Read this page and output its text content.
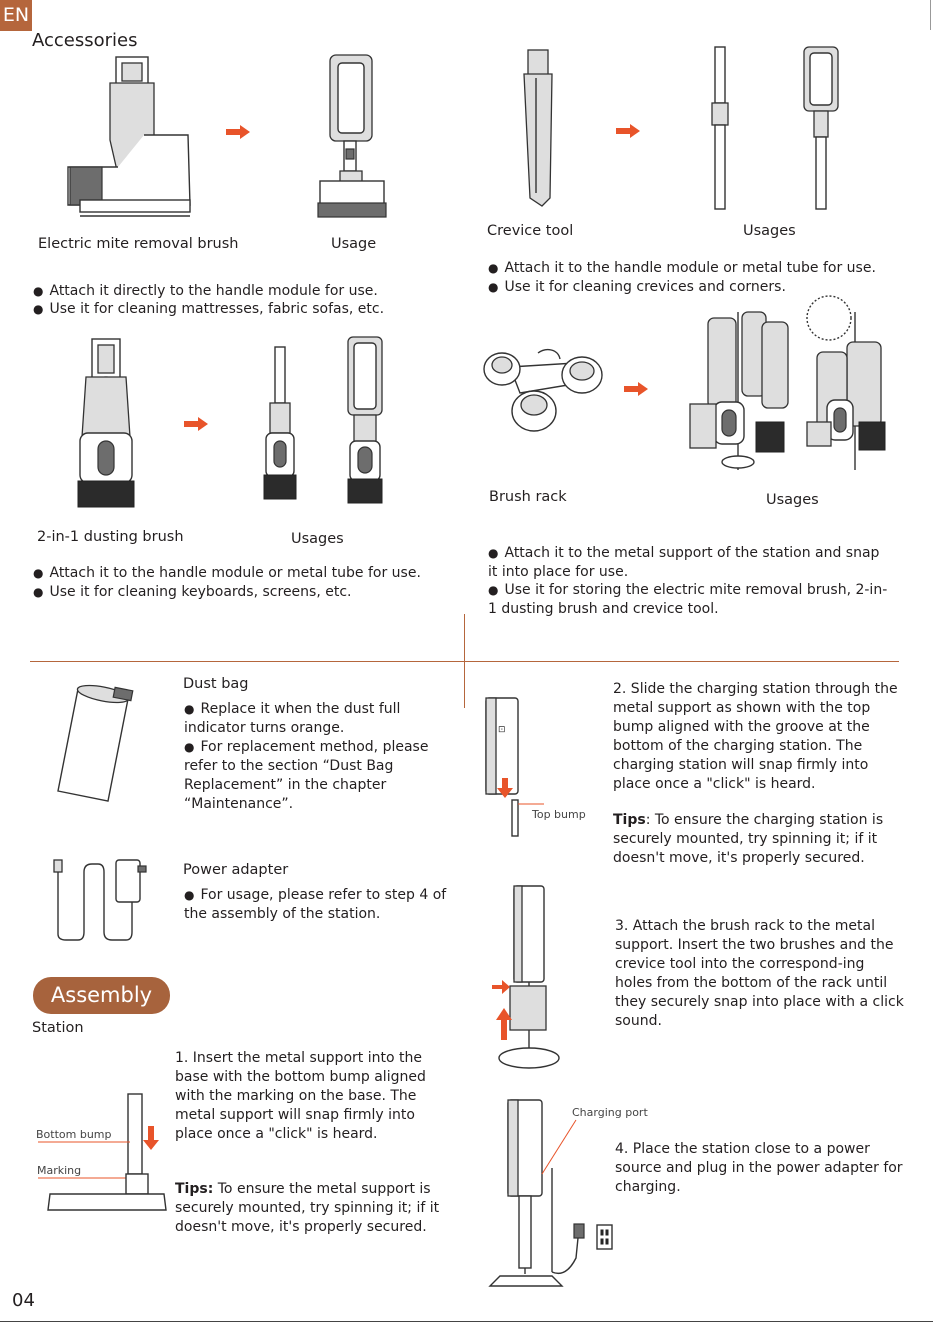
EN
Accessories
Electric mite removal brush	Usage
● Attach it directly to the handle module for use.
● Use it for cleaning mattresses, fabric sofas, etc.
Crevice tool	Usages
● Attach it to the handle module or metal tube for use.
● Use it for cleaning crevices and corners.
2-in-1 dusting brush	Usages
● Attach it to the handle module or metal tube for use.
● Use it for cleaning keyboards, screens, etc.
Brush rack	Usages
● Attach it to the metal support of the station and snap it into place for use.
● Use it for storing the electric mite removal brush, 2-in-1 dusting brush and crevice tool.
Dust bag
● Replace it when the dust full indicator turns orange.
● For replacement method, please refer to the section “Dust Bag Replacement” in the chapter “Maintenance”.
Power adapter
● For usage, please refer to step 4 of the assembly of the station.
Assembly
Station
Bottom bump
Marking
1. Insert the metal support into the base with the bottom bump aligned with the marking on the base. The metal support will snap firmly into place once a "click" is heard.
Tips: To ensure the metal support is securely mounted, try spinning it; if it doesn't move, it's properly secured.
⊡
Top bump
2. Slide the charging station through the metal support as shown with the top bump aligned with the groove at the bottom of the charging station. The charging station will snap firmly into place once a "click" is heard.
Tips: To ensure the charging station is securely mounted, try spinning it; if it doesn't move, it's properly secured.
3. Attach the brush rack to the metal support. Insert the two brushes and the crevice tool into the correspond-ing holes from the bottom of the rack until they securely snap into place with a click sound.
Charging port
4. Place the station close to a power source and plug in the power adapter for charging.
04
